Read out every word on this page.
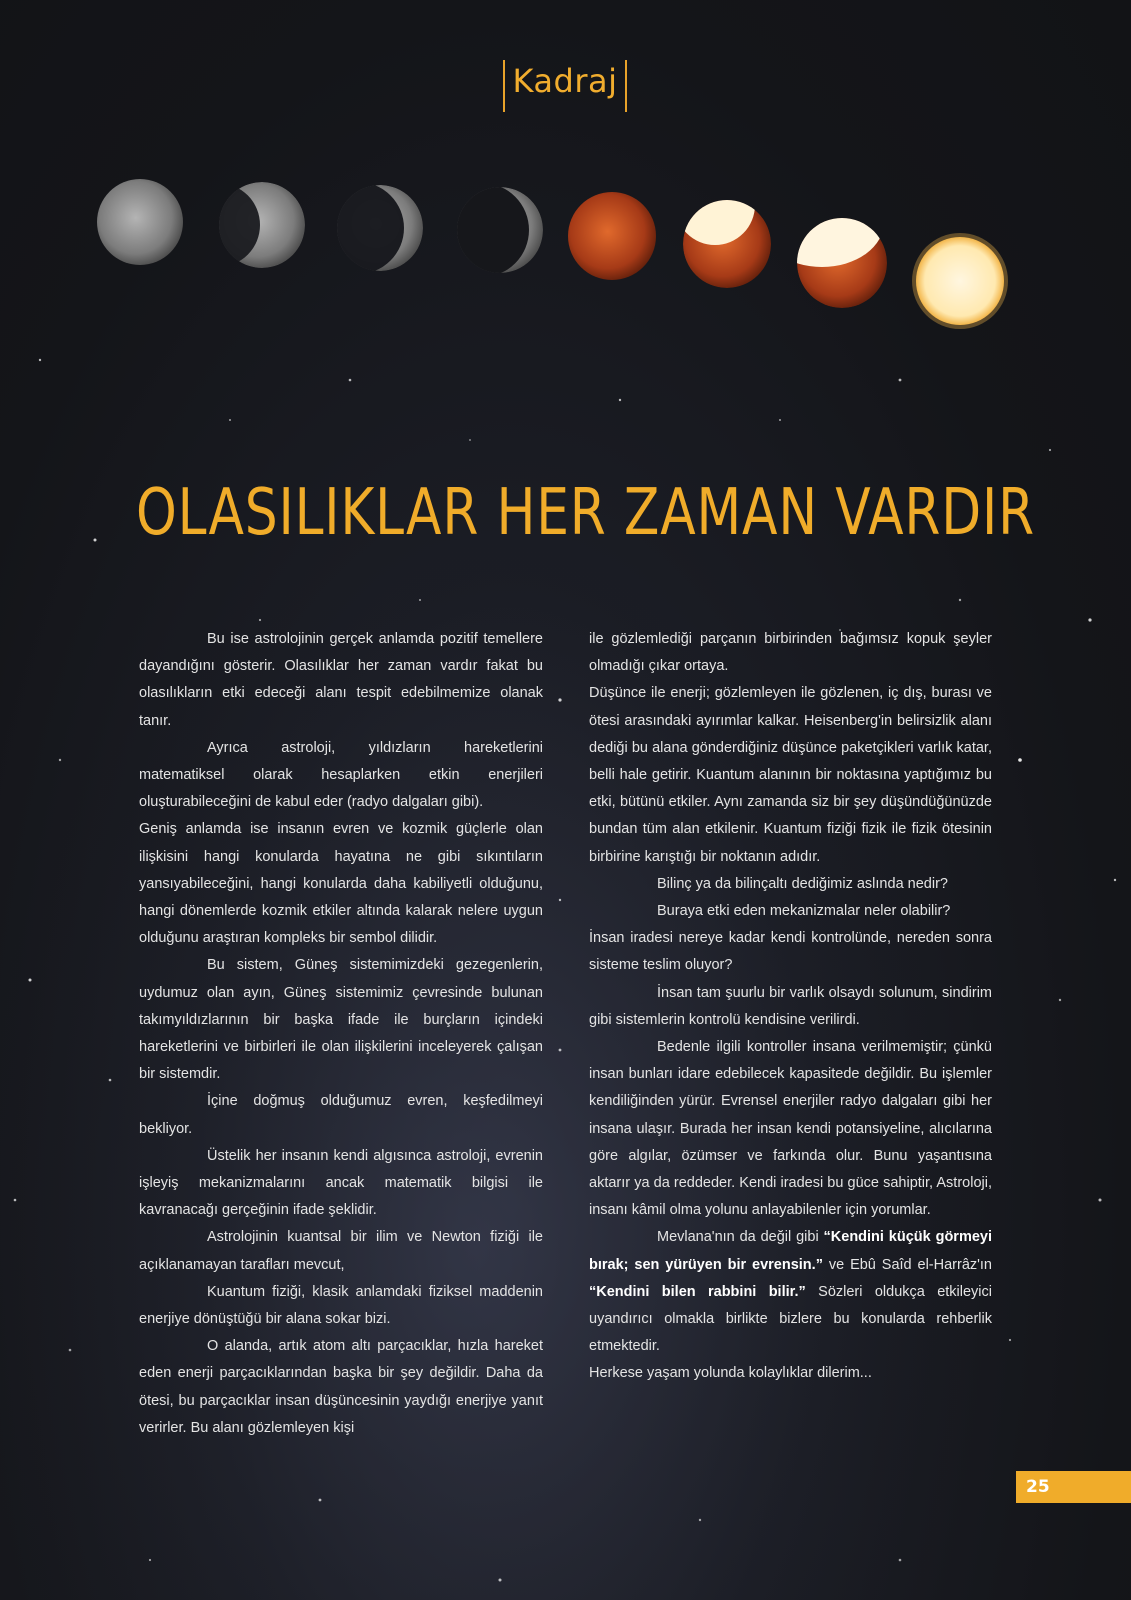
Kadraj
OLASILIKLAR HER ZAMAN VARDIR

Bu ise astrolojinin gerçek anlamda pozitif temellere dayandığını gösterir. Olasılıklar her zaman vardır fakat bu olasılıkların etki edeceği alanı tespit edebilmemize olanak tanır.

Ayrıca astroloji, yıldızların hareketlerini matematiksel olarak hesaplarken etkin enerjileri oluşturabileceğini de kabul eder (radyo dalgaları gibi).

Geniş anlamda ise insanın evren ve kozmik güçlerle olan ilişkisini hangi konularda hayatına ne gibi sıkıntıların yansıyabileceğini, hangi konularda daha kabiliyetli olduğunu, hangi dönemlerde kozmik etkiler altında kalarak nelere uygun olduğunu araştıran kompleks bir sembol dilidir.

Bu sistem, Güneş sistemimizdeki gezegenlerin, uydumuz olan ayın, Güneş sistemimiz çevresinde bulunan takımyıldızlarının bir başka ifade ile burçların içindeki hareketlerini ve birbirleri ile olan ilişkilerini inceleyerek çalışan bir sistemdir.

İçine doğmuş olduğumuz evren, keşfedilmeyi bekliyor.

Üstelik her insanın kendi algısınca astroloji, evrenin işleyiş mekanizmalarını ancak matematik bilgisi ile kavranacağı gerçeğinin ifade şeklidir.

Astrolojinin kuantsal bir ilim ve Newton fiziği ile açıklanamayan tarafları mevcut,

Kuantum fiziği, klasik anlamdaki fiziksel maddenin enerjiye dönüştüğü bir alana sokar bizi.

O alanda, artık atom altı parçacıklar, hızla hareket eden enerji parçacıklarından başka bir şey değildir. Daha da ötesi, bu parçacıklar insan düşüncesinin yaydığı enerjiye yanıt verirler. Bu alanı gözlemleyen kişi

ile gözlemlediği parçanın birbirinden bağımsız kopuk şeyler olmadığı çıkar ortaya.

Düşünce ile enerji; gözlemleyen ile gözlenen, iç dış, burası ve ötesi arasındaki ayırımlar kalkar. Heisenberg'in belirsizlik alanı dediği bu alana gönderdiğiniz düşünce paketçikleri varlık katar, belli hale getirir. Kuantum alanının bir noktasına yaptığımız bu etki, bütünü etkiler. Aynı zamanda siz bir şey düşündüğünüzde bundan tüm alan etkilenir. Kuantum fiziği fizik ile fizik ötesinin birbirine karıştığı bir noktanın adıdır.

Bilinç ya da bilinçaltı dediğimiz aslında nedir?

Buraya etki eden mekanizmalar neler olabilir?

İnsan iradesi nereye kadar kendi kontrolünde, nereden sonra sisteme teslim oluyor?

İnsan tam şuurlu bir varlık olsaydı solunum, sindirim gibi sistemlerin kontrolü kendisine verilirdi.

Bedenle ilgili kontroller insana verilmemiştir; çünkü insan bunları idare edebilecek kapasitede değildir. Bu işlemler kendiliğinden yürür. Evrensel enerjiler radyo dalgaları gibi her insana ulaşır. Burada her insan kendi potansiyeline, alıcılarına göre algılar, özümser ve farkında olur. Bunu yaşantısına aktarır ya da reddeder. Kendi iradesi bu güce sahiptir, Astroloji, insanı kâmil olma yolunu anlayabilenler için yorumlar.

Mevlana'nın da değil gibi “Kendini küçük görmeyi bırak; sen yürüyen bir evrensin.” ve Ebû Saîd el-Harrâz'ın “Kendini bilen rabbini bilir.” Sözleri oldukça etkileyici uyandırıcı olmakla birlikte bizlere bu konularda rehberlik etmektedir.

Herkese yaşam yolunda kolaylıklar dilerim...

25
